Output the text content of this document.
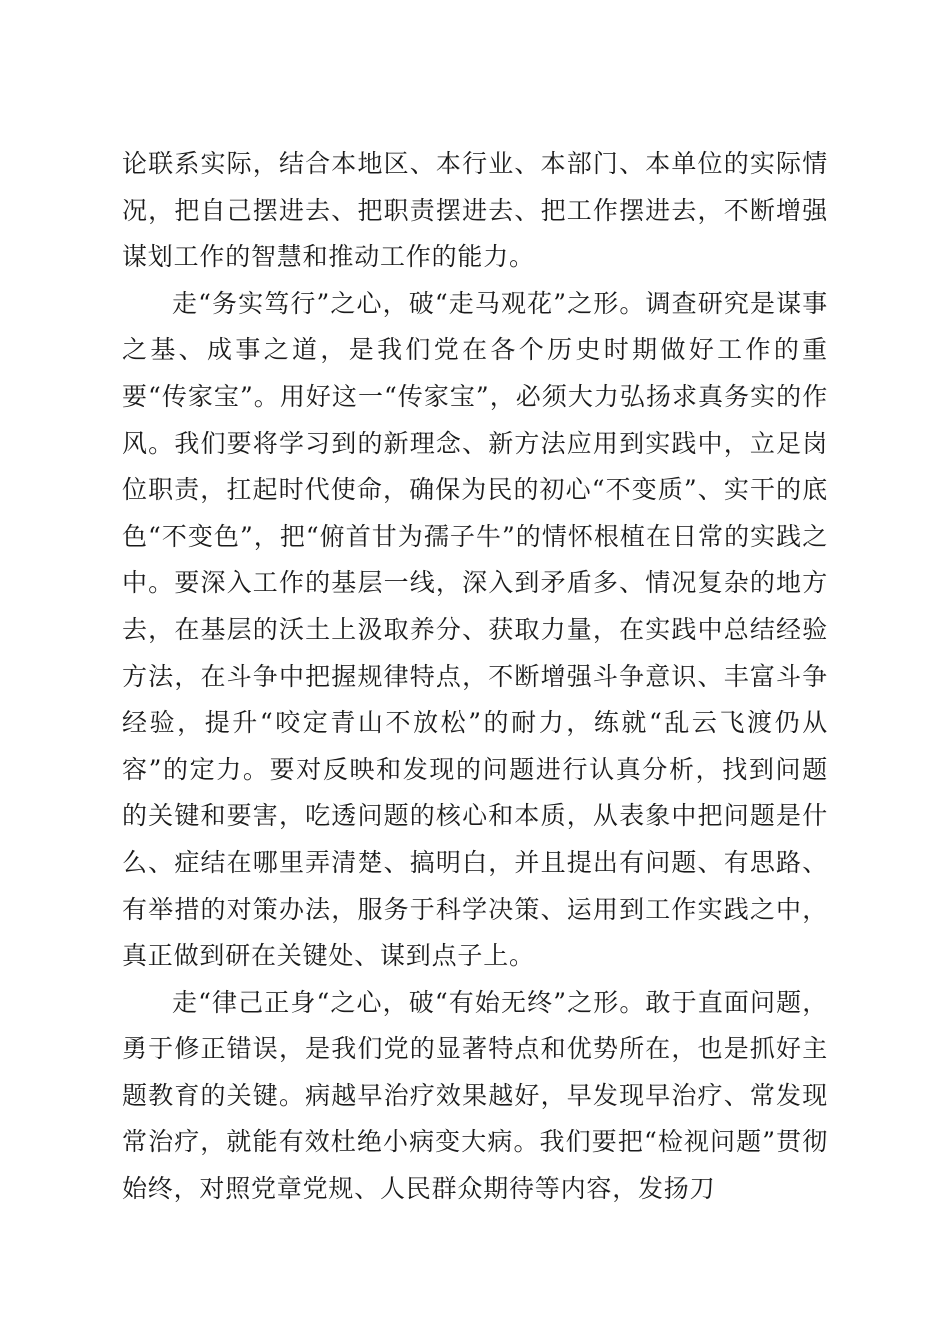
论联系实际，结合本地区、本行业、本部门、本单位的实际情况，把自己摆进去、把职责摆进去、把工作摆进去，不断增强谋划工作的智慧和推动工作的能力。

走“务实笃行”之心，破“走马观花”之形。调查研究是谋事之基、成事之道，是我们党在各个历史时期做好工作的重要“传家宝”。用好这一“传家宝”，必须大力弘扬求真务实的作风。我们要将学习到的新理念、新方法应用到实践中，立足岗位职责，扛起时代使命，确保为民的初心“不变质”、实干的底色“不变色”，把“俯首甘为孺子牛”的情怀根植在日常的实践之中。要深入工作的基层一线，深入到矛盾多、情况复杂的地方去，在基层的沃土上汲取养分、获取力量，在实践中总结经验方法，在斗争中把握规律特点，不断增强斗争意识、丰富斗争经验，提升“咬定青山不放松”的耐力，练就“乱云飞渡仍从容”的定力。要对反映和发现的问题进行认真分析，找到问题的关键和要害，吃透问题的核心和本质，从表象中把问题是什么、症结在哪里弄清楚、搞明白，并且提出有问题、有思路、有举措的对策办法，服务于科学决策、运用到工作实践之中，真正做到研在关键处、谋到点子上。

走“律己正身“之心，破“有始无终”之形。敢于直面问题，勇于修正错误，是我们党的显著特点和优势所在，也是抓好主题教育的关键。病越早治疗效果越好，早发现早治疗、常发现常治疗，就能有效杜绝小病变大病。我们要把“检视问题”贯彻始终，对照党章党规、人民群众期待等内容，发扬刀
